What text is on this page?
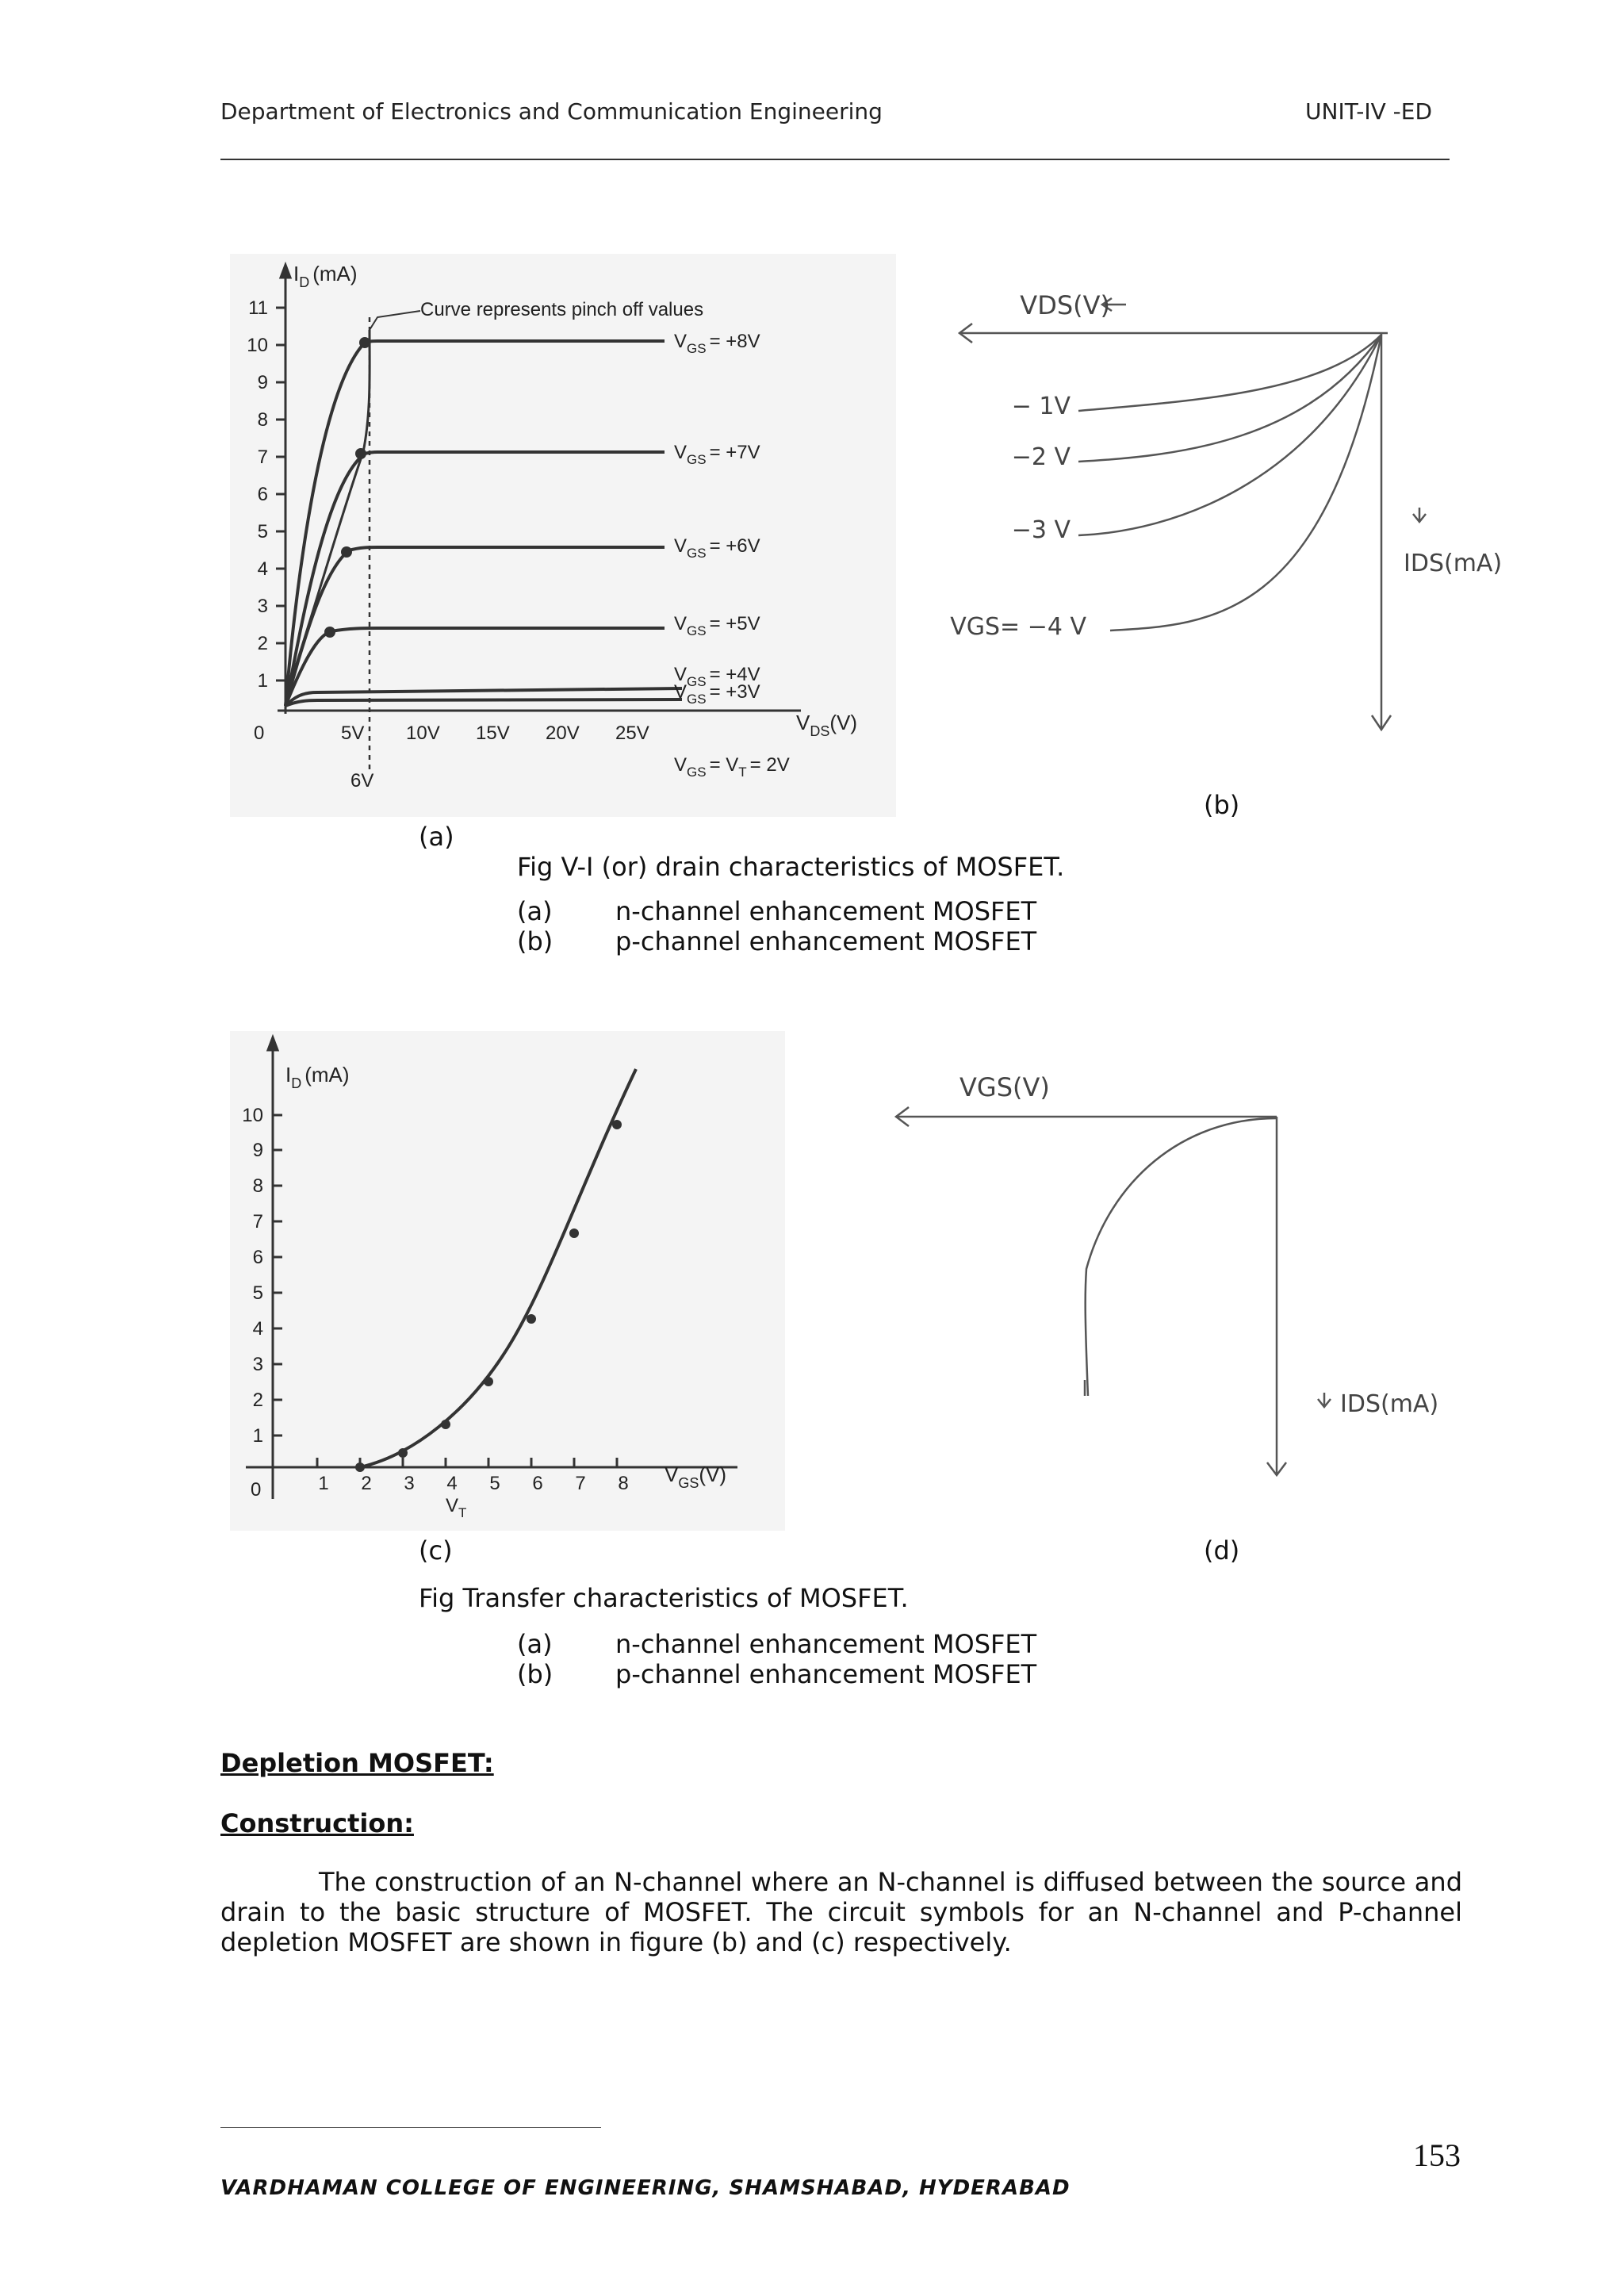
Department of Electronics and Communication Engineering	UNIT-IV -ED
11
10
9
8
7
6
5
4
3
2
1
$I_D$ (mA)
0	5V 10V 15V 20V 25V	$V_{DS}(V)$
6V
Curve represents pinch off values
$V_{GS} = +8V$
$V_{GS} = +7V$
$V_{GS} = +6V$
$V_{GS} = +5V$
$V_{GS} = +4V$
$V_{GS} = +3V$
$V_{GS} = V_T = 2V$
VDS(V)
IDS(mA)
− 1V
−2 V
−3 V
VGS= −4 V
(a)
(b)
Fig V-I (or) drain characteristics of MOSFET.
(a) n-channel enhancement MOSFET
(b) p-channel enhancement MOSFET
10
9
8
7
6
5
4
3
2
1
$I_D$ (mA)
0	1 2 3 4 5 6 7 8
$V_T$
$V_{GS}(V)$
VGS(V)
IDS(mA)
(c)	(d)
Fig Transfer characteristics of MOSFET.
(a) n-channel enhancement MOSFET
(b) p-channel enhancement MOSFET
Depletion MOSFET:
Construction:
The construction of an N-channel where an N-channel is diffused between the source and drain to the basic structure of MOSFET. The circuit symbols for an N-channel and P-channel depletion MOSFET are shown in figure (b) and (c) respectively.
153
VARDHAMAN COLLEGE OF ENGINEERING, SHAMSHABAD, HYDERABAD
